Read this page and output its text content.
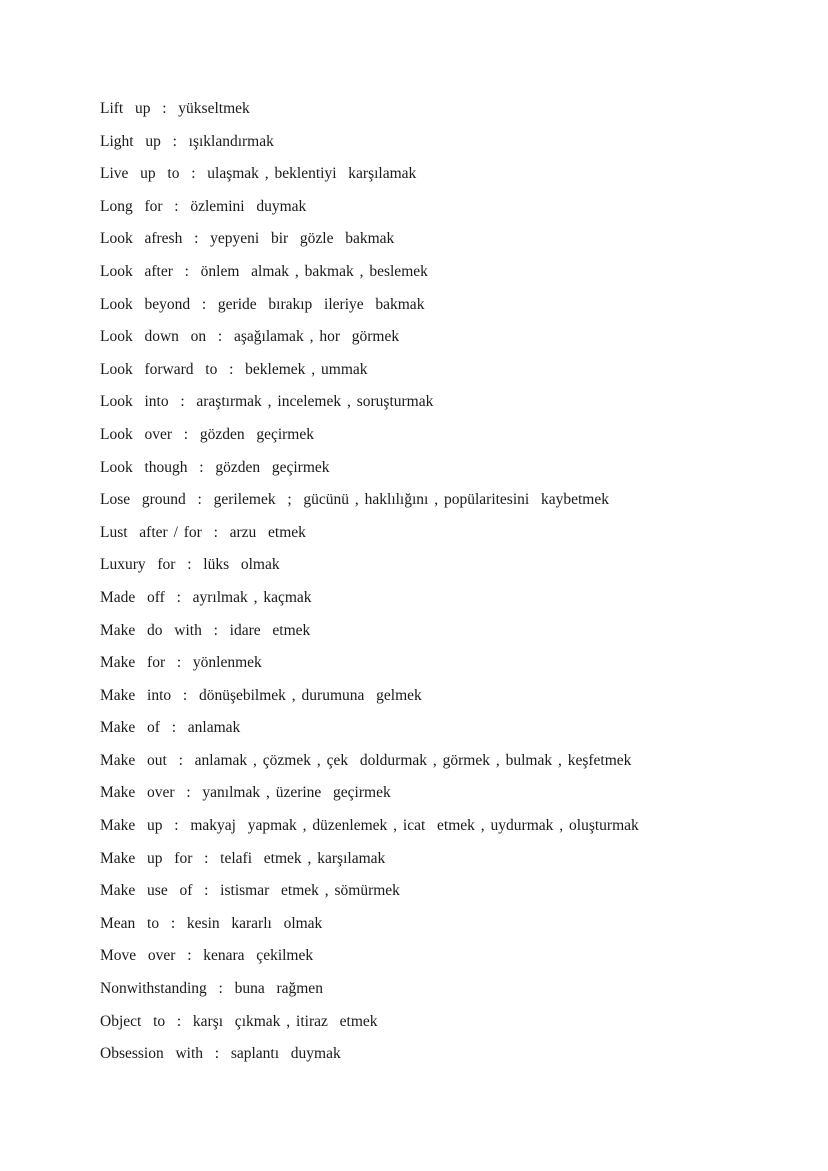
Lift  up  :  yükseltmek
Light  up  :  ışıklandırmak
Live  up  to  :  ulaşmak , beklentiyi  karşılamak
Long  for  :  özlemini  duymak
Look  afresh  :  yepyeni  bir  gözle  bakmak
Look  after  :  önlem  almak , bakmak , beslemek
Look  beyond  :  geride  bırakıp  ileriye  bakmak
Look  down  on  :  aşağılamak , hor  görmek
Look  forward  to  :  beklemek , ummak
Look  into  :  araştırmak , incelemek , soruşturmak
Look  over  :  gözden  geçirmek
Look  though  :  gözden  geçirmek
Lose  ground  :  gerilemek  ;  gücünü , haklılığını , popülaritesini  kaybetmek
Lust  after / for  :  arzu  etmek
Luxury  for  :  lüks  olmak
Made  off  :  ayrılmak , kaçmak
Make  do  with  :  idare  etmek
Make  for  :  yönlenmek
Make  into  :  dönüşebilmek , durumuna  gelmek
Make  of  :  anlamak
Make  out  :  anlamak , çözmek , çek  doldurmak , görmek , bulmak , keşfetmek
Make  over  :  yanılmak , üzerine  geçirmek
Make  up  :  makyaj  yapmak , düzenlemek , icat  etmek , uydurmak , oluşturmak
Make  up  for  :  telafi  etmek , karşılamak
Make  use  of  :  istismar  etmek , sömürmek
Mean  to  :  kesin  kararlı  olmak
Move  over  :  kenara  çekilmek
Nonwithstanding  :  buna  rağmen
Object  to  :  karşı  çıkmak , itiraz  etmek
Obsession  with  :  saplantı  duymak
